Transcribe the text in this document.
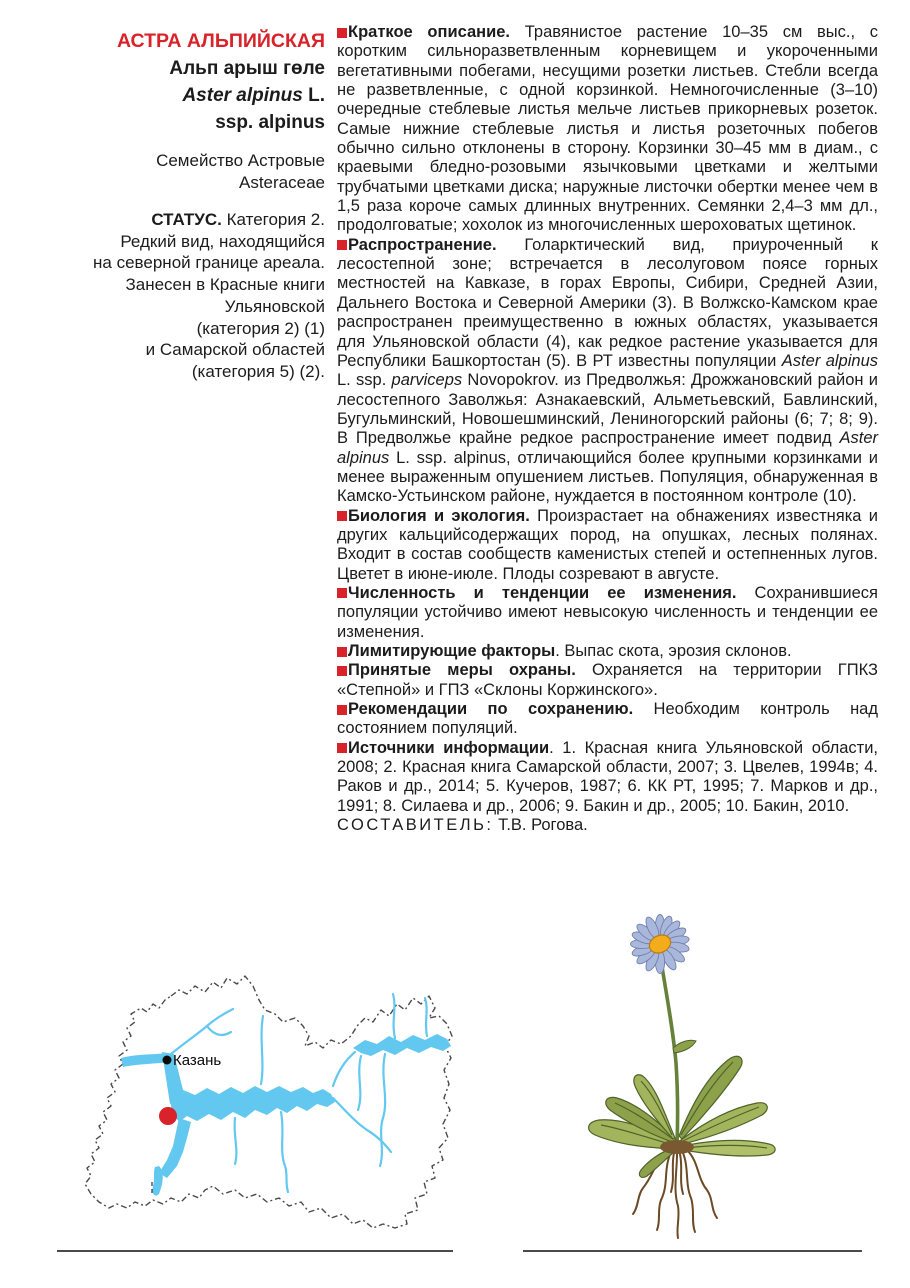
АСТРА АЛЬПИЙСКАЯ
Альп арыш гөле
Aster alpinus L.
ssp. alpinus
Семейство Астровые
Asteraceae
СТАТУС. Категория 2.
Редкий вид, находящийся
на северной границе ареала.
Занесен в Красные книги
Ульяновской
(категория 2) (1)
и Самарской областей
(категория 5) (2).

Краткое описание. Травянистое растение 10–35 см выс., с коротким сильноразветвленным корневищем и укороченными вегетативными побегами, несущими розетки листьев. Стебли всегда не разветвленные, с одной корзинкой. Немногочисленные (3–10) очередные стеблевые листья мельче листьев прикорневых розеток. Самые нижние стеблевые листья и листья розеточных побегов обычно сильно отклонены в сторону. Корзинки 30–45 мм в диам., с краевыми бледно-розовыми язычковыми цветками и желтыми трубчатыми цветками диска; наружные листочки обертки менее чем в 1,5 раза короче самых длинных внутренних. Семянки 2,4–3 мм дл., продолговатые; хохолок из многочисленных шероховатых щетинок.

Распространение. Голарктический вид, приуроченный к лесостепной зоне; встречается в лесолуговом поясе горных местностей на Кавказе, в горах Европы, Сибири, Средней Азии, Дальнего Востока и Северной Америки (3). В Волжско-Камском крае распространен преимущественно в южных областях, указывается для Ульяновской области (4), как редкое растение указывается для Республики Башкортостан (5). В РТ известны популяции Aster alpinus L. ssp. parviceps Novopokrov. из Предволжья: Дрожжановский район и лесостепного Заволжья: Азнакаевский, Альметьевский, Бавлинский, Бугульминский, Новошешминский, Лениногорский районы (6; 7; 8; 9). В Предволжье крайне редкое распространение имеет подвид Aster alpinus L. ssp. alpinus, отличающийся более крупными корзинками и менее выраженным опушением листьев. Популяция, обнаруженная в Камско-Устьинском районе, нуждается в постоянном контроле (10).

Биология и экология. Произрастает на обнажениях известняка и других кальцийсодержащих пород, на опушках, лесных полянах. Входит в состав сообществ каменистых степей и остепненных лугов. Цветет в июне-июле. Плоды созревают в августе.

Численность и тенденции ее изменения. Сохранившиеся популяции устойчиво имеют невысокую численность и тенденции ее изменения.

Лимитирующие факторы. Выпас скота, эрозия склонов.

Принятые меры охраны. Охраняется на территории ГПКЗ «Степной» и ГПЗ «Склоны Коржинского».

Рекомендации по сохранению. Необходим контроль над состоянием популяций.

Источники информации. 1. Красная книга Ульяновской области, 2008; 2. Красная книга Самарской области, 2007; 3. Цвелев, 1994в; 4. Раков и др., 2014; 5. Кучеров, 1987; 6. КК РТ, 1995; 7. Марков и др., 1991; 8. Силаева и др., 2006; 9. Бакин и др., 2005; 10. Бакин, 2010.

СОСТАВИТЕЛЬ: Т.В. Рогова.

Казань
